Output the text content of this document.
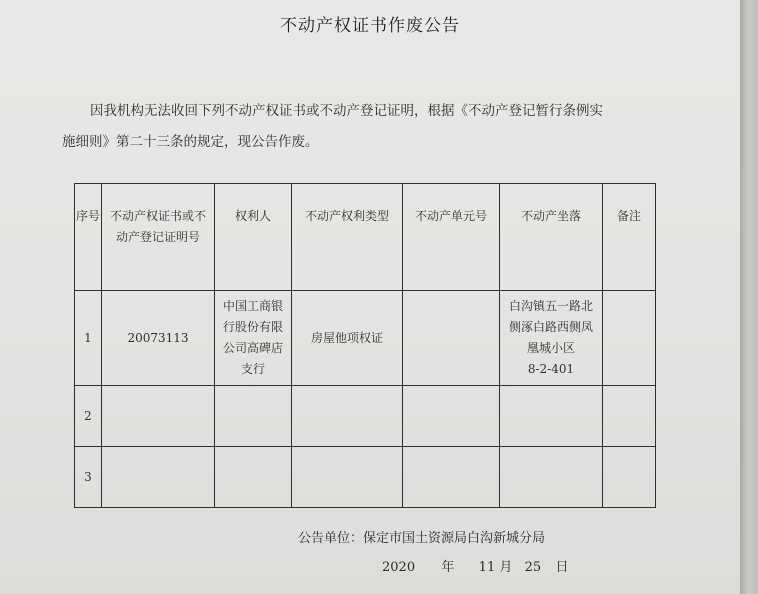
不动产权证书作废公告
因我机构无法收回下列不动产权证书或不动产登记证明，根据《不动产登记暂行条例实
施细则》第二十三条的规定，现公告作废。
序号	不动产权证书或不动产登记证明号	权利人	不动产权利类型	不动产单元号	不动产坐落	备注
1	20073113	中国工商银
行股份有限
公司高碑店
支行	房屋他项权证		白沟镇五一路北
侧涿白路西侧凤
凰城小区
8-2-401	
2						
3						
公告单位：保定市国土资源局白沟新城分局
2020 年 11 月 25 日
